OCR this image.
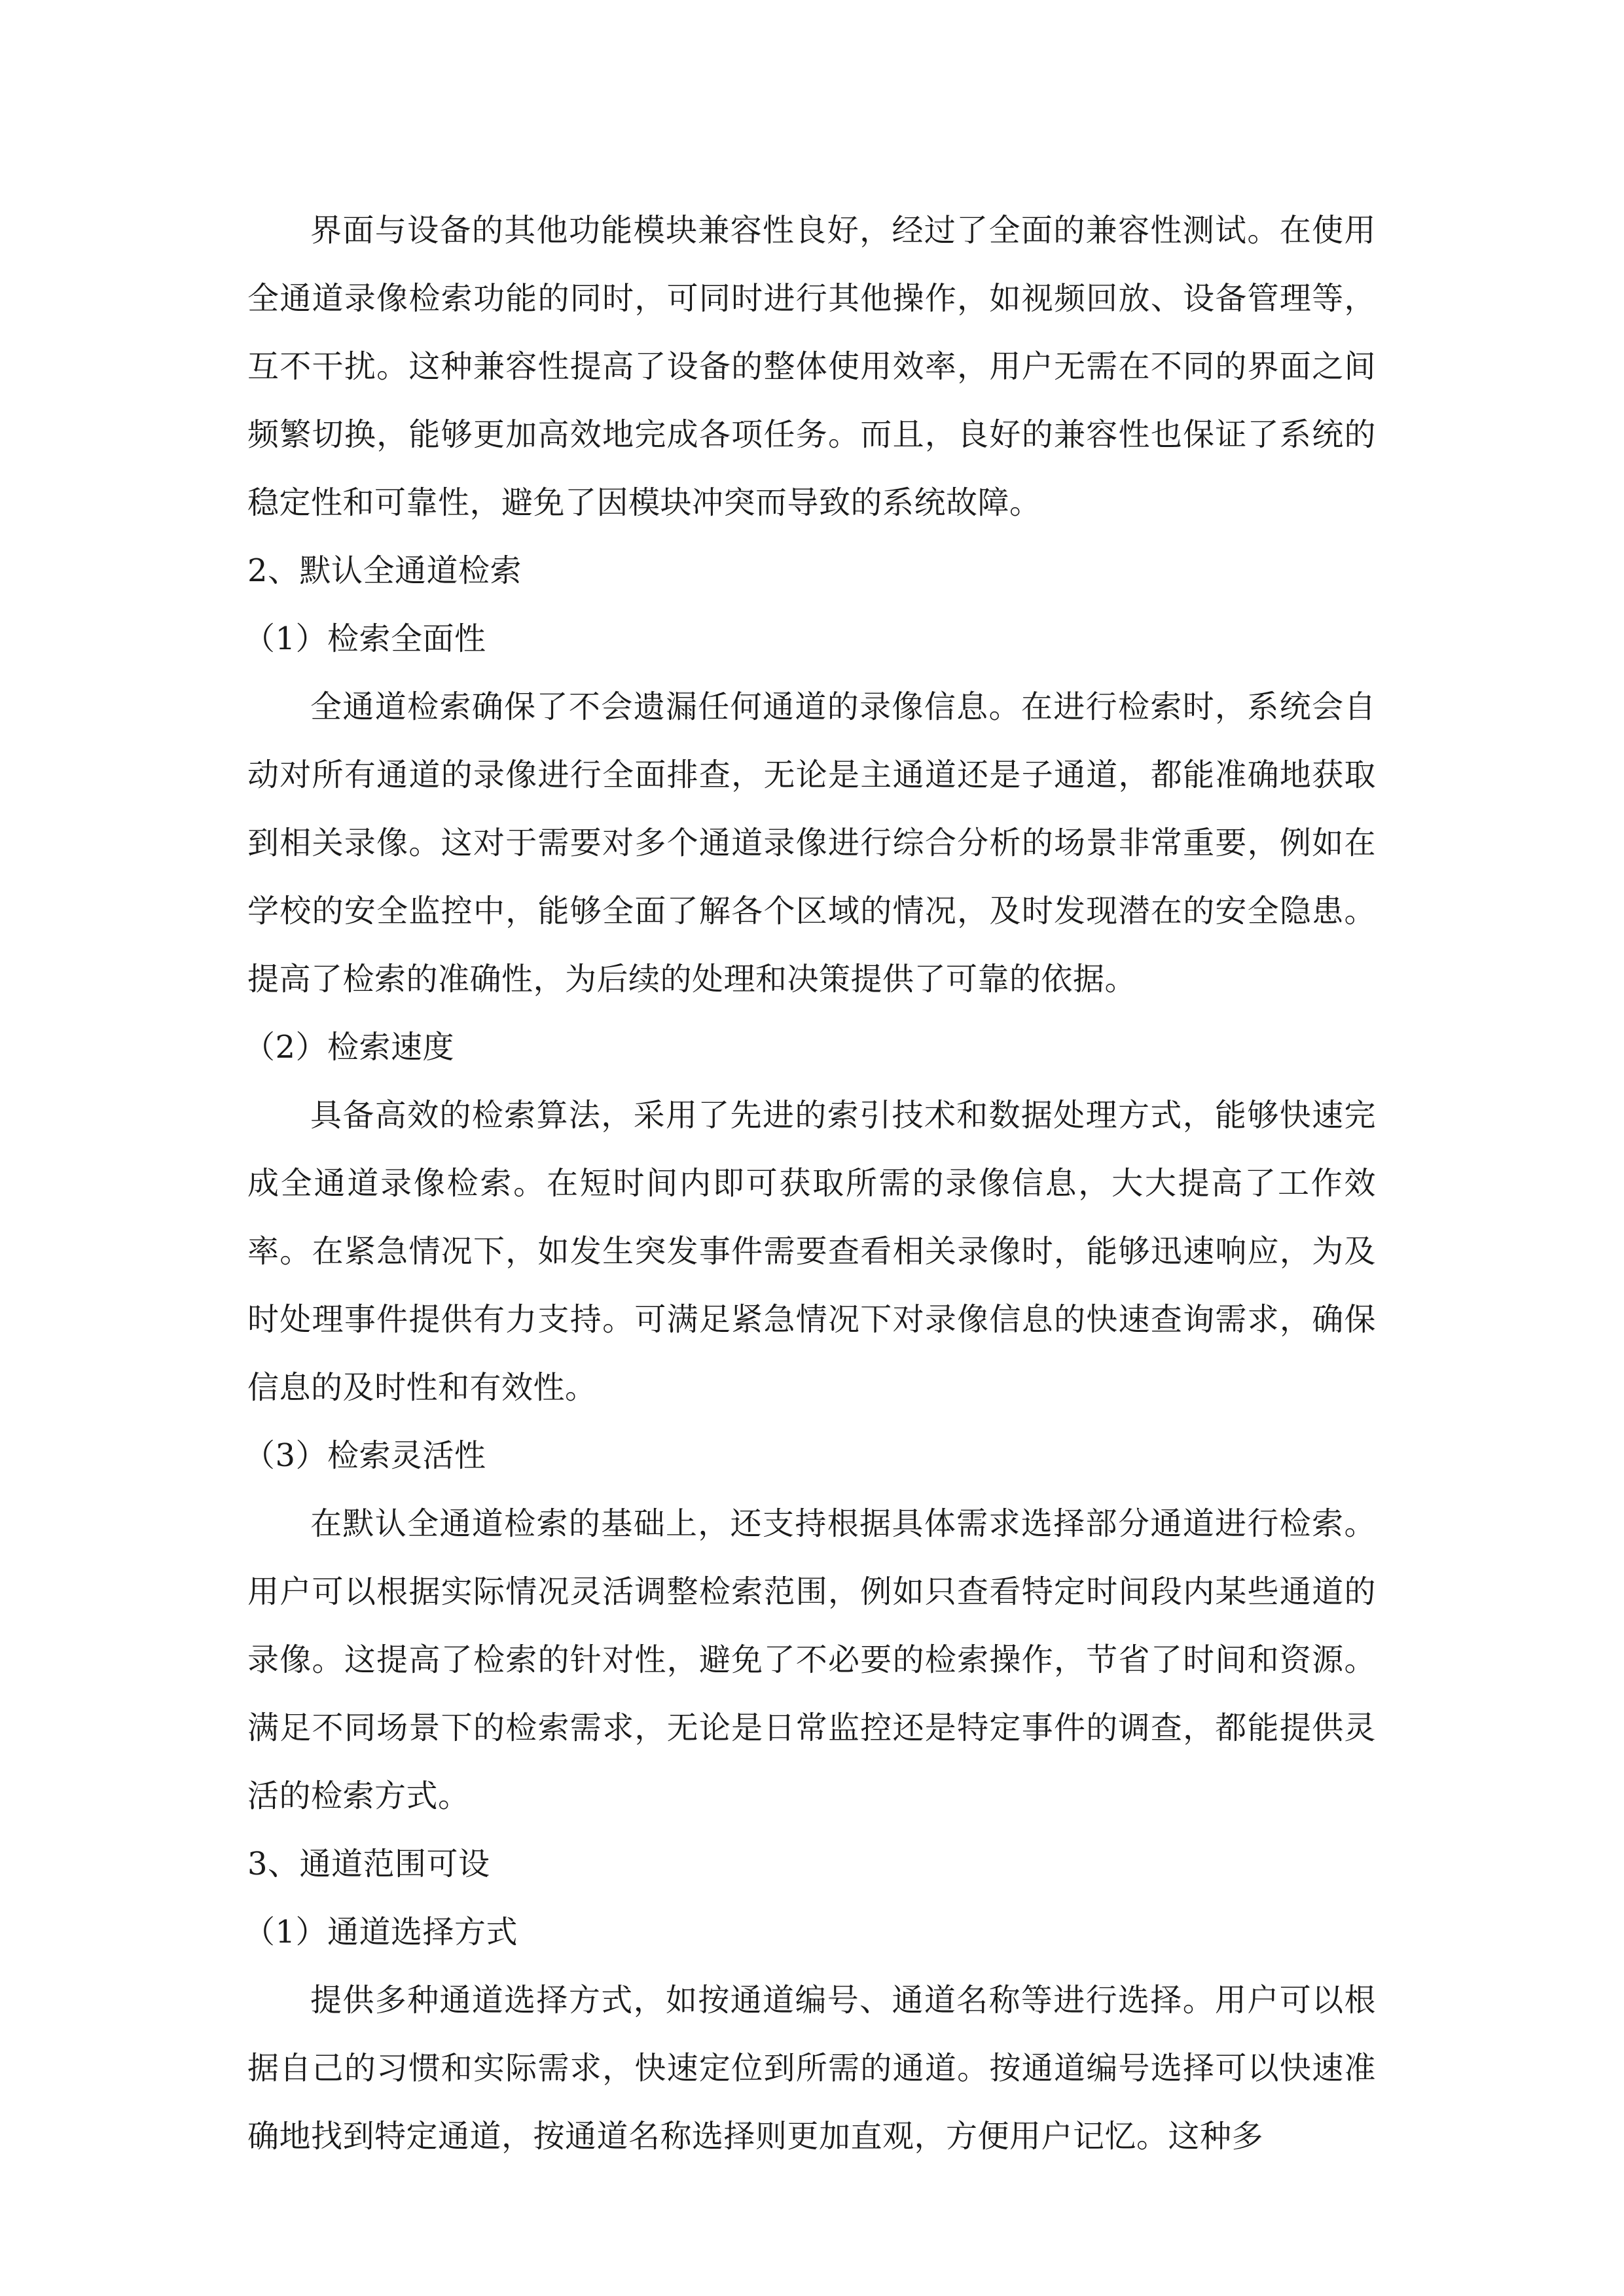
界面与设备的其他功能模块兼容性良好，经过了全面的兼容性测试。在使用全通道录像检索功能的同时，可同时进行其他操作，如视频回放、设备管理等，互不干扰。这种兼容性提高了设备的整体使用效率，用户无需在不同的界面之间频繁切换，能够更加高效地完成各项任务。而且，良好的兼容性也保证了系统的稳定性和可靠性，避免了因模块冲突而导致的系统故障。

2、默认全通道检索

（1）检索全面性

全通道检索确保了不会遗漏任何通道的录像信息。在进行检索时，系统会自动对所有通道的录像进行全面排查，无论是主通道还是子通道，都能准确地获取到相关录像。这对于需要对多个通道录像进行综合分析的场景非常重要，例如在学校的安全监控中，能够全面了解各个区域的情况，及时发现潜在的安全隐患。提高了检索的准确性，为后续的处理和决策提供了可靠的依据。

（2）检索速度

具备高效的检索算法，采用了先进的索引技术和数据处理方式，能够快速完成全通道录像检索。在短时间内即可获取所需的录像信息，大大提高了工作效率。在紧急情况下，如发生突发事件需要查看相关录像时，能够迅速响应，为及时处理事件提供有力支持。可满足紧急情况下对录像信息的快速查询需求，确保信息的及时性和有效性。

（3）检索灵活性

在默认全通道检索的基础上，还支持根据具体需求选择部分通道进行检索。用户可以根据实际情况灵活调整检索范围，例如只查看特定时间段内某些通道的录像。这提高了检索的针对性，避免了不必要的检索操作，节省了时间和资源。满足不同场景下的检索需求，无论是日常监控还是特定事件的调查，都能提供灵活的检索方式。

3、通道范围可设

（1）通道选择方式

提供多种通道选择方式，如按通道编号、通道名称等进行选择。用户可以根据自己的习惯和实际需求，快速定位到所需的通道。按通道编号选择可以快速准确地找到特定通道，按通道名称选择则更加直观，方便用户记忆。这种多
